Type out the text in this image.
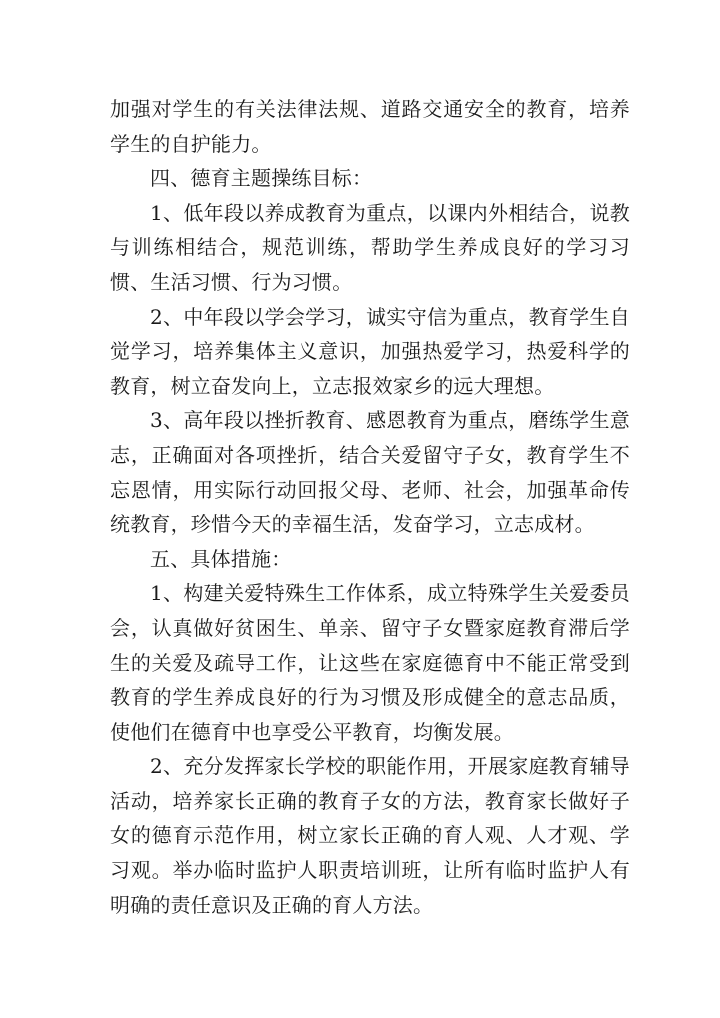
加强对学生的有关法律法规、道路交通安全的教育，培养学生的自护能力。

四、德育主题操练目标：

1、低年段以养成教育为重点，以课内外相结合，说教与训练相结合，规范训练，帮助学生养成良好的学习习惯、生活习惯、行为习惯。

2、中年段以学会学习，诚实守信为重点，教育学生自觉学习，培养集体主义意识，加强热爱学习，热爱科学的教育，树立奋发向上，立志报效家乡的远大理想。

3、高年段以挫折教育、感恩教育为重点，磨练学生意志，正确面对各项挫折，结合关爱留守子女，教育学生不忘恩情，用实际行动回报父母、老师、社会，加强革命传统教育，珍惜今天的幸福生活，发奋学习，立志成材。

五、具体措施：

1、构建关爱特殊生工作体系，成立特殊学生关爱委员会，认真做好贫困生、单亲、留守子女暨家庭教育滞后学生的关爱及疏导工作，让这些在家庭德育中不能正常受到教育的学生养成良好的行为习惯及形成健全的意志品质，使他们在德育中也享受公平教育，均衡发展。

2、充分发挥家长学校的职能作用，开展家庭教育辅导活动，培养家长正确的教育子女的方法，教育家长做好子女的德育示范作用，树立家长正确的育人观、人才观、学习观。举办临时监护人职责培训班，让所有临时监护人有明确的责任意识及正确的育人方法。
